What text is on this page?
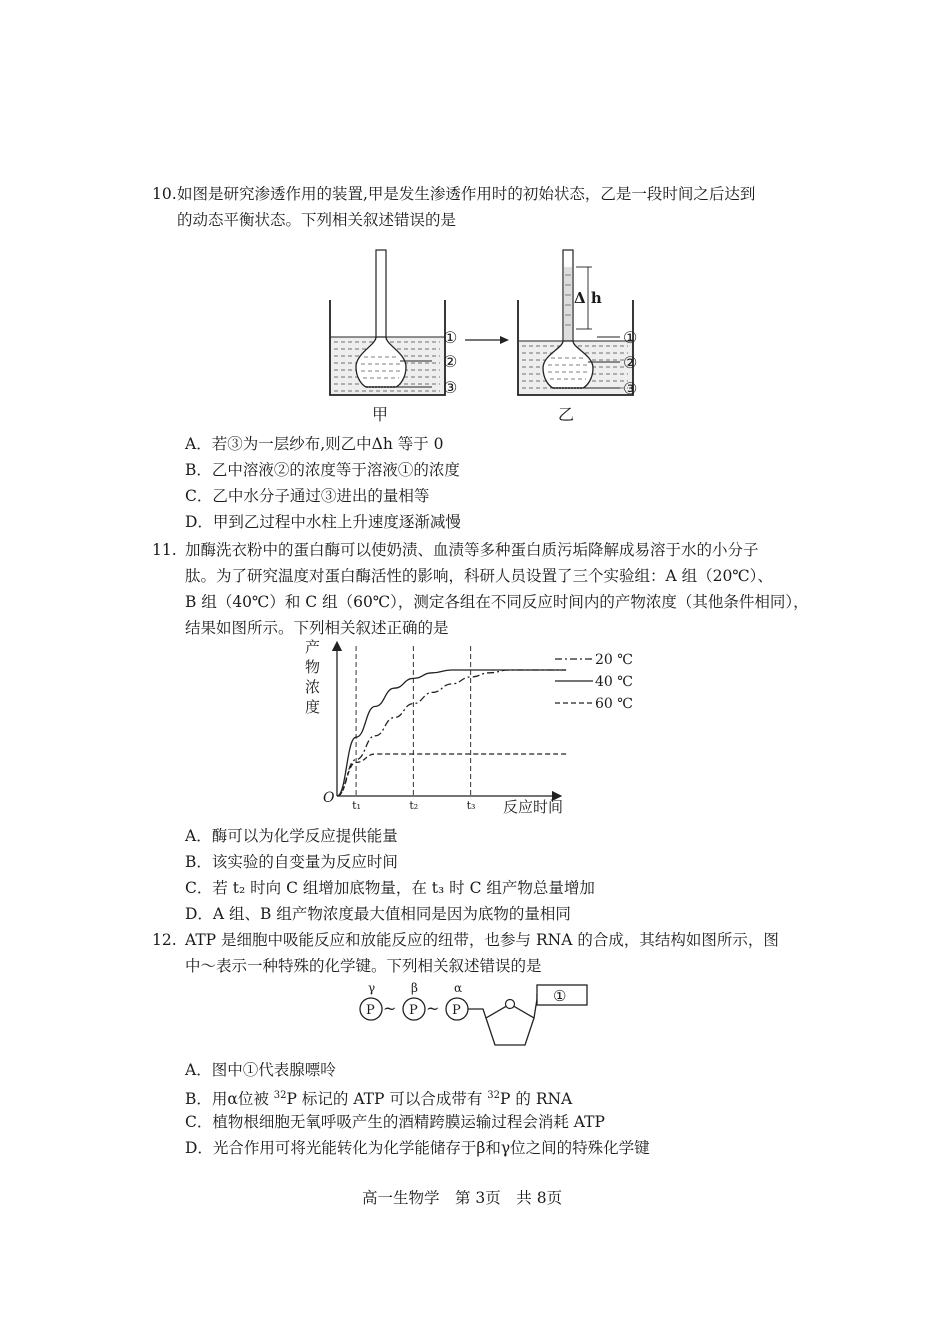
10. 如图是研究渗透作用的装置,甲是发生渗透作用时的初始状态，乙是一段时间之后达到
的动态平衡状态。下列相关叙述错误的是
①
②
③
甲
Δ h
①
②
③
乙
A．若③为一层纱布,则乙中Δh 等于 0
B．乙中溶液②的浓度等于溶液①的浓度
C．乙中水分子通过③进出的量相等
D．甲到乙过程中水柱上升速度逐渐减慢
11. 加酶洗衣粉中的蛋白酶可以使奶渍、血渍等多种蛋白质污垢降解成易溶于水的小分子
肽。为了研究温度对蛋白酶活性的影响，科研人员设置了三个实验组：A 组（20℃）、
B 组（40℃）和 C 组（60℃），测定各组在不同反应时间内的产物浓度（其他条件相同），
结果如图所示。下列相关叙述正确的是
产
物
浓
度
O	反应时间
t₁	t₂	t₃
20 ℃
40 ℃
60 ℃
A．酶可以为化学反应提供能量
B．该实验的自变量为反应时间
C．若 t₂ 时向 C 组增加底物量，在 t₃ 时 C 组产物总量增加
D．A 组、B 组产物浓度最大值相同是因为底物的量相同
12. ATP 是细胞中吸能反应和放能反应的纽带，也参与 RNA 的合成，其结构如图所示，图
中～表示一种特殊的化学键。下列相关叙述错误的是
γ	β	α
P ~ P ~ P
①
A．图中①代表腺嘌呤
B．用α位被 $^{32}$P 标记的 ATP 可以合成带有 $^{32}$P 的 RNA
C．植物根细胞无氧呼吸产生的酒精跨膜运输过程会消耗 ATP
D．光合作用可将光能转化为化学能储存于β和γ位之间的特殊化学键
高一生物学　第 3页　共 8页
